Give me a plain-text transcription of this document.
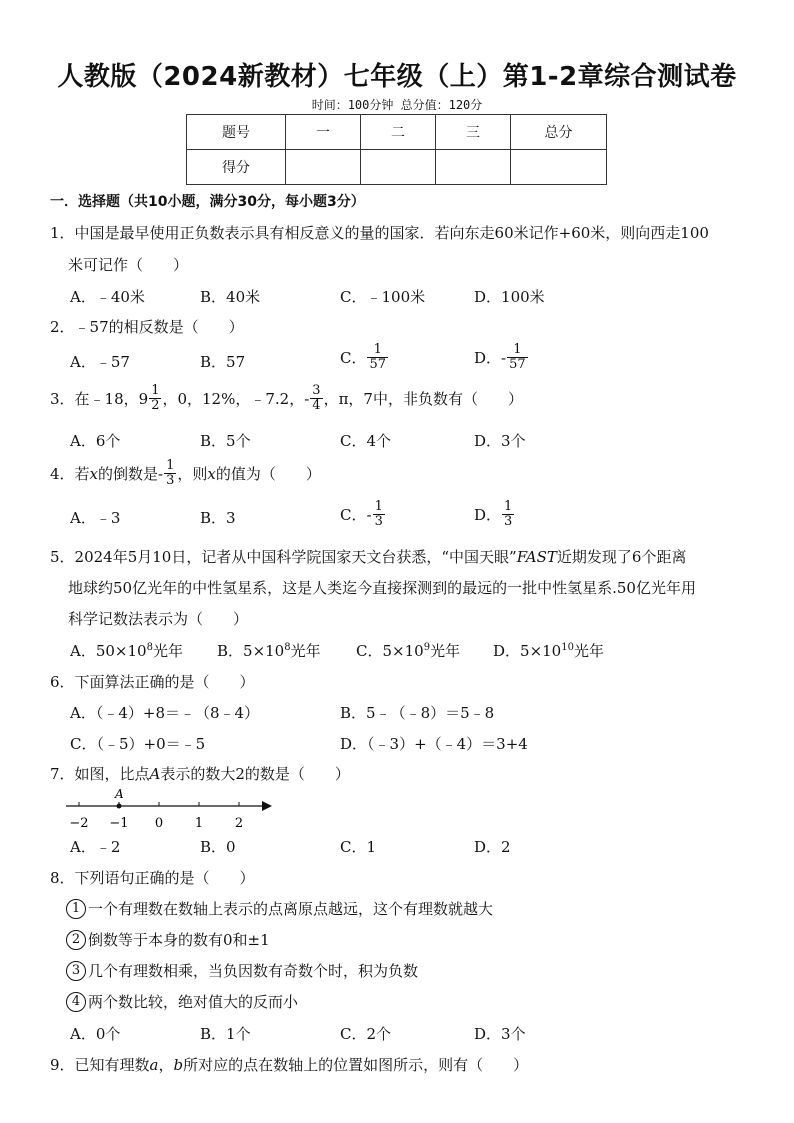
人教版（2024新教材）七年级（上）第1-2章综合测试卷
时间：100分钟 总分值：120分
题号	一	二	三	总分
得分				
一．选择题（共10小题，满分30分，每小题3分）
1．中国是最早使用正负数表示具有相反意义的量的国家．若向东走60米记作+60米，则向西走100
米可记作（　　）
A．﹣40米	B．40米	C．﹣100米	D．100米
2．﹣57的相反数是（　　）
A．﹣57	B．57	C． $\frac{1}{57}$	D． - $\frac{1}{57}$
3．在﹣18， $9 \frac{1}{2}$ ，0，12%，﹣7.2， - $\frac{3}{4}$ ，π，7中，非负数有（　　）
A．6个	B．5个	C．4个	D．3个
4．若 x 的倒数是 - $\frac{1}{3}$ ，则 x 的值为（　　）
A．﹣3	B．3	C． - $\frac{1}{3}$	D． $\frac{1}{3}$
5．2024年5月10日，记者从中国科学院国家天文台获悉，“中国天眼”FAST近期发现了6个距离
地球约50亿光年的中性氢星系，这是人类迄今直接探测到的最远的一批中性氢星系.50亿光年用
科学记数法表示为（　　）
A．$50\times 10^8$光年 B．$5\times 10^8$光年 C．$5\times 10^9$光年 D．$5\times 10^{10}$光年
6．下面算法正确的是（　　）
A．（﹣4）+8＝﹣（8﹣4）	B．5﹣（﹣8）＝5﹣8
C．（﹣5）+0＝﹣5	D．（﹣3）+（﹣4）＝3+4
7．如图，比点A表示的数大2的数是（　　）
−2 −1 0 1 2
A
A．﹣2	B．0	C．1	D．2
8．下列语句正确的是（　　）
1 一个有理数在数轴上表示的点离原点越远，这个有理数就越大
2 倒数等于本身的数有0和±1
3 几个有理数相乘，当负因数有奇数个时，积为负数
4 两个数比较，绝对值大的反而小
A．0个	B．1个	C．2个	D．3个
9．已知有理数a，b所对应的点在数轴上的位置如图所示，则有（　　）
